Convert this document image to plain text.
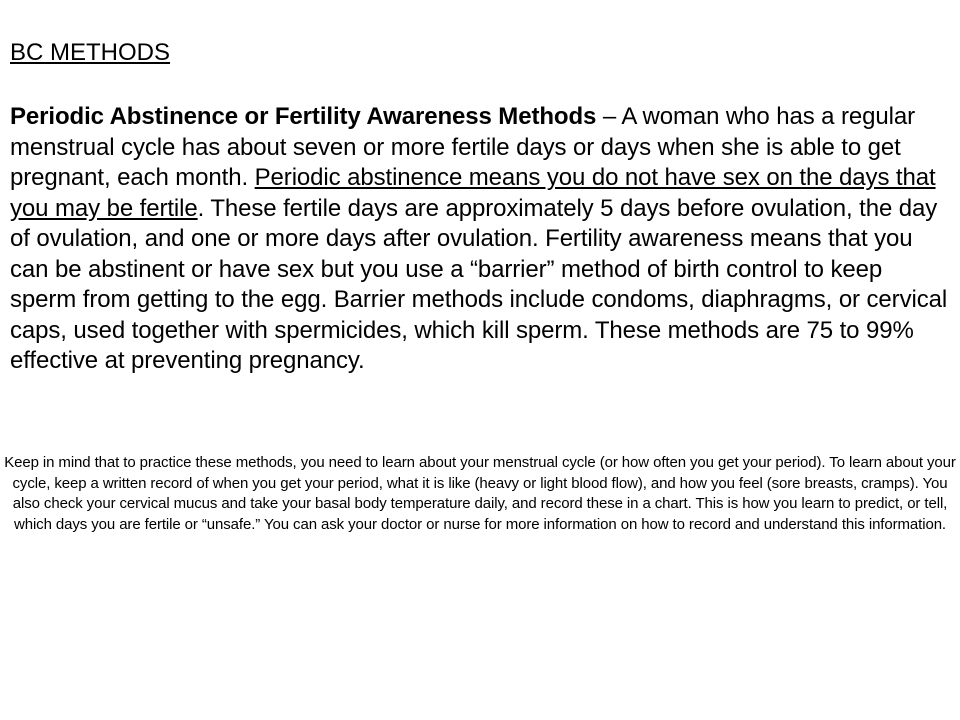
BC METHODS
Periodic Abstinence or Fertility Awareness Methods – A woman who has a regular menstrual cycle has about seven or more fertile days or days when she is able to get pregnant, each month. Periodic abstinence means you do not have sex on the days that you may be fertile. These fertile days are approximately 5 days before ovulation, the day of ovulation, and one or more days after ovulation. Fertility awareness means that you can be abstinent or have sex but you use a “barrier” method of birth control to keep sperm from getting to the egg. Barrier methods include condoms, diaphragms, or cervical caps, used together with spermicides, which kill sperm. These methods are 75 to 99% effective at preventing pregnancy.
Keep in mind that to practice these methods, you need to learn about your menstrual cycle (or how often you get your period). To learn about your cycle, keep a written record of when you get your period, what it is like (heavy or light blood flow), and how you feel (sore breasts, cramps). You also check your cervical mucus and take your basal body temperature daily, and record these in a chart. This is how you learn to predict, or tell, which days you are fertile or “unsafe.” You can ask your doctor or nurse for more information on how to record and understand this information.
